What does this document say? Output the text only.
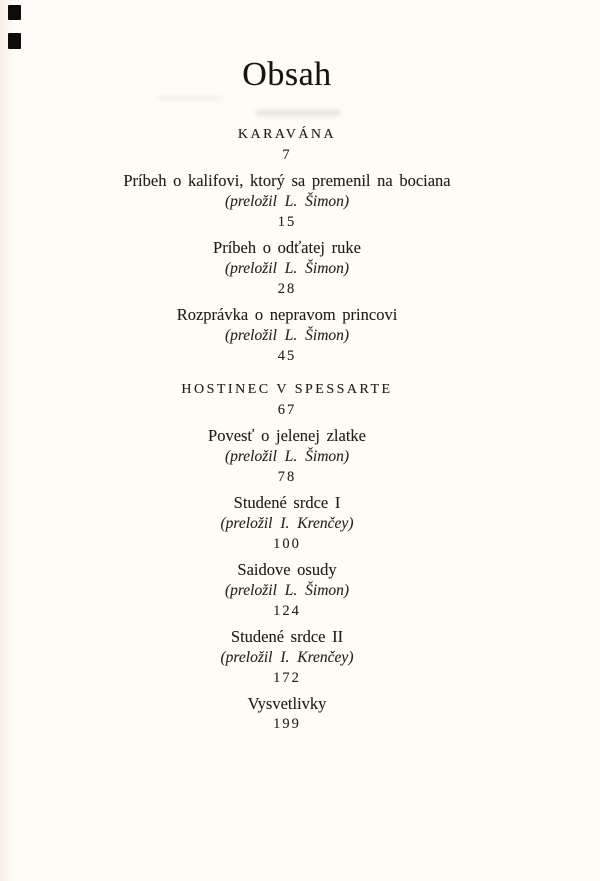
Obsah
KARAVÁNA
7
Príbeh o kalifovi, ktorý sa premenil na bociana
(preložil L. Šimon)
15
Príbeh o odťatej ruke
(preložil L. Šimon)
28
Rozprávka o nepravom princovi
(preložil L. Šimon)
45
HOSTINEC V SPESSARTE
67
Povesť o jelenej zlatke
(preložil L. Šimon)
78
Studené srdce I
(preložil I. Krenčey)
100
Saidove osudy
(preložil L. Šimon)
124
Studené srdce II
(preložil I. Krenčey)
172
Vysvetlivky
199
